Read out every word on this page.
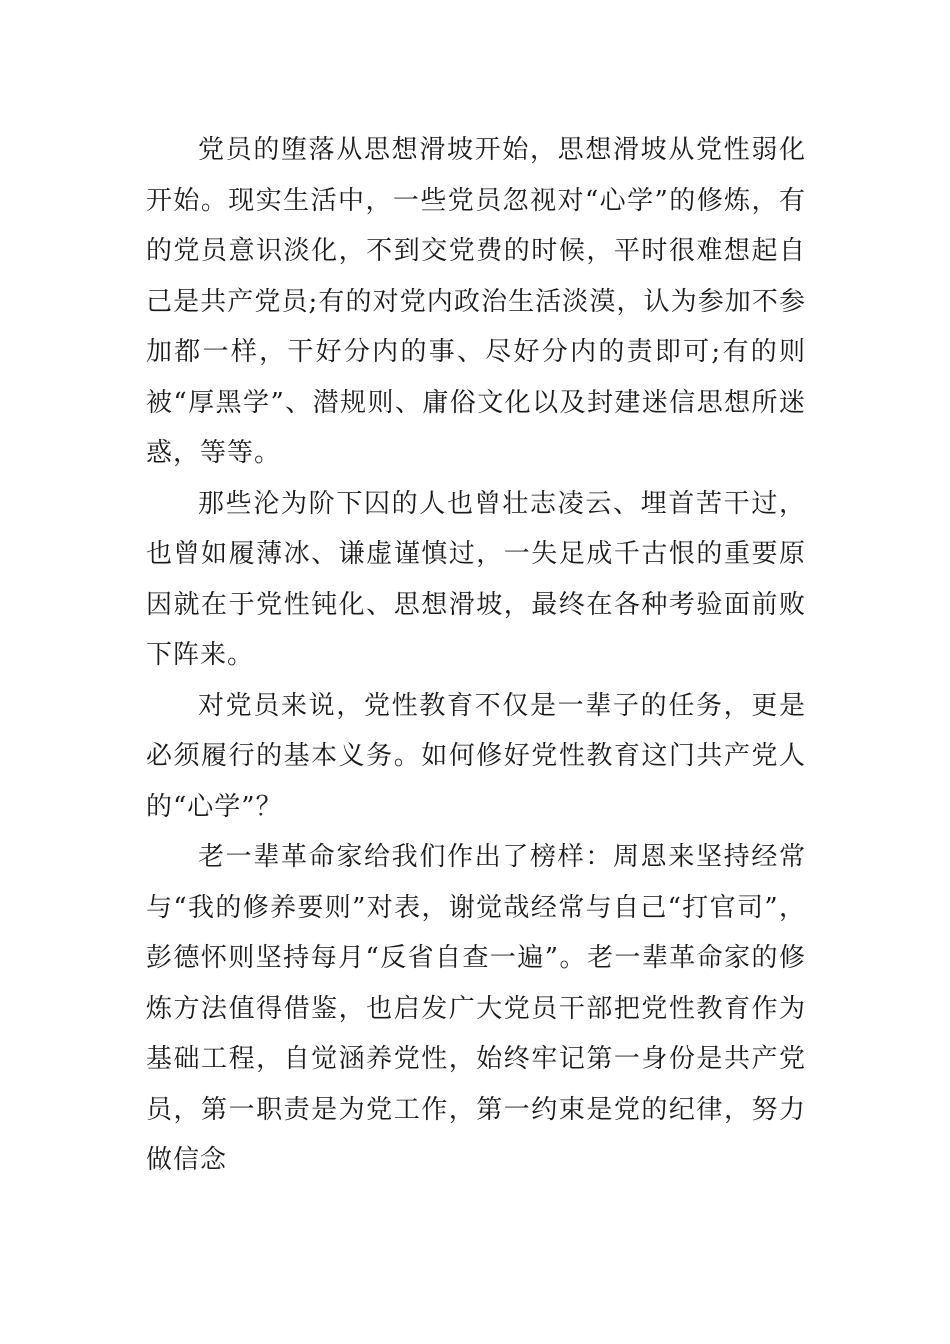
党员的堕落从思想滑坡开始，思想滑坡从党性弱化开始。现实生活中，一些党员忽视对“心学”的修炼，有的党员意识淡化，不到交党费的时候，平时很难想起自己是共产党员;有的对党内政治生活淡漠，认为参加不参加都一样，干好分内的事、尽好分内的责即可;有的则被“厚黑学”、潜规则、庸俗文化以及封建迷信思想所迷惑，等等。

那些沦为阶下囚的人也曾壮志凌云、埋首苦干过，也曾如履薄冰、谦虚谨慎过，一失足成千古恨的重要原因就在于党性钝化、思想滑坡，最终在各种考验面前败下阵来。

对党员来说，党性教育不仅是一辈子的任务，更是必须履行的基本义务。如何修好党性教育这门共产党人的“心学”？

老一辈革命家给我们作出了榜样：周恩来坚持经常与“我的修养要则”对表，谢觉哉经常与自己“打官司”，彭德怀则坚持每月“反省自查一遍”。老一辈革命家的修炼方法值得借鉴，也启发广大党员干部把党性教育作为基础工程，自觉涵养党性，始终牢记第一身份是共产党员，第一职责是为党工作，第一约束是党的纪律，努力做信念
